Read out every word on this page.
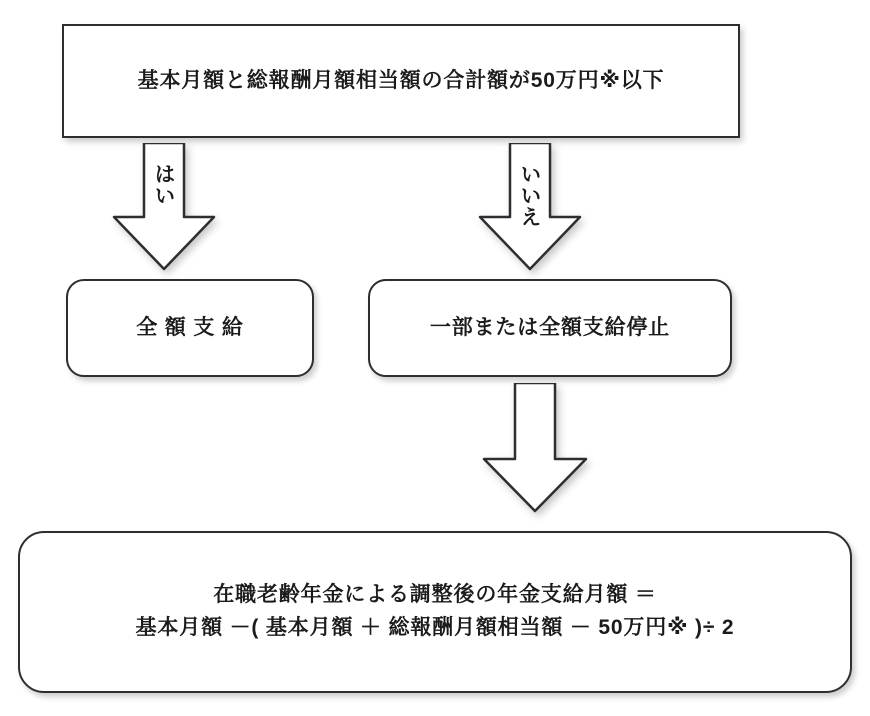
基本月額と総報酬月額相当額の合計額が50万円※以下
はい	いいえ
全 額 支 給	一部または全額支給停止
在職老齢年金による調整後の年金支給月額 ＝
基本月額 －( 基本月額 ＋ 総報酬月額相当額 － 50万円※ )÷ 2
